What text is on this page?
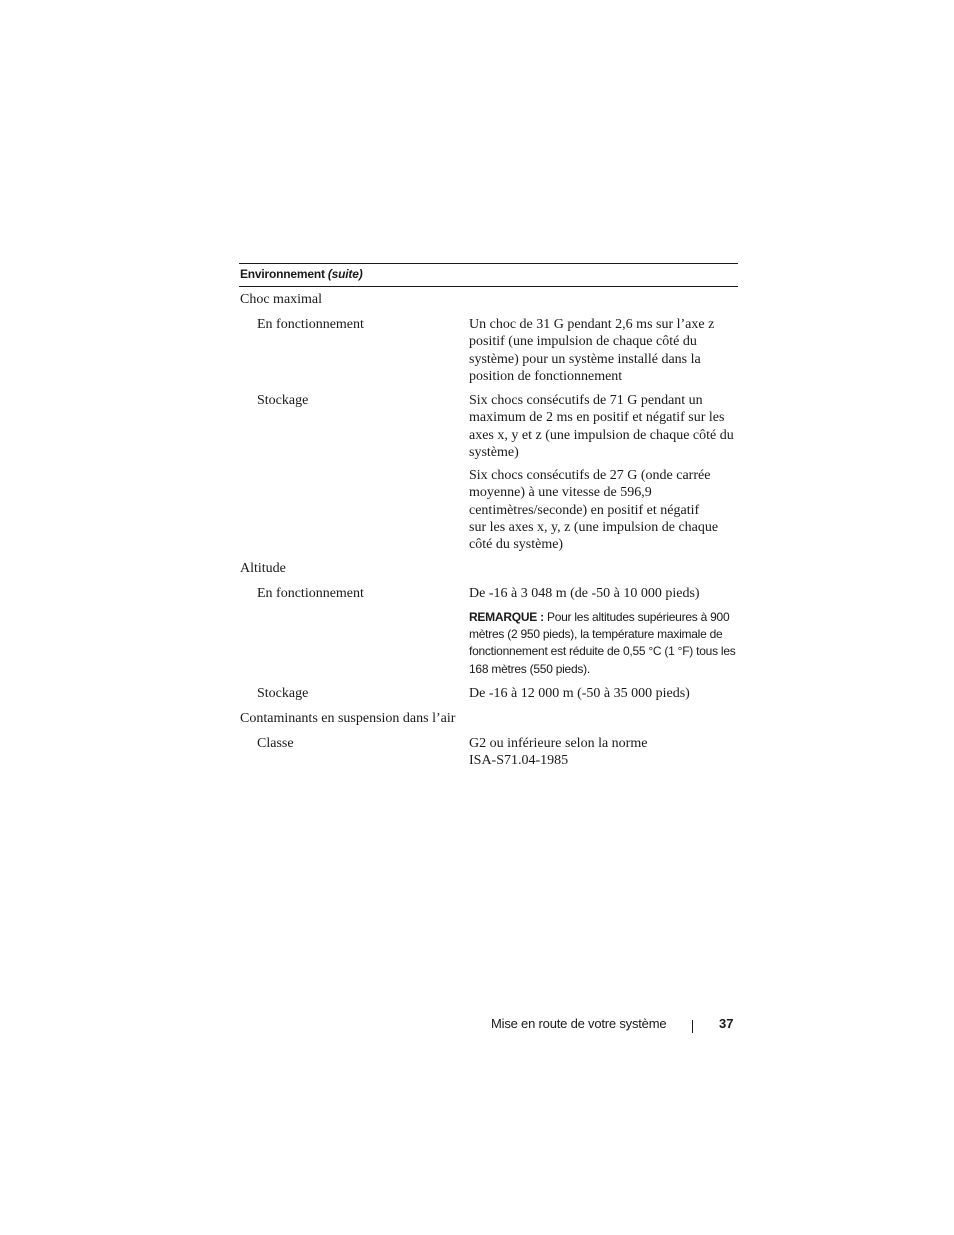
Environnement (suite)
Choc maximal
En fonctionnement	Un choc de 31 G pendant 2,6 ms sur l’axe z positif (une impulsion de chaque côté du système) pour un système installé dans la position de fonctionnement
Stockage	Six chocs consécutifs de 71 G pendant un maximum de 2 ms en positif et négatif sur les axes x, y et z (une impulsion de chaque côté du système)
Six chocs consécutifs de 27 G (onde carrée moyenne) à une vitesse de 596,9 centimètres/seconde) en positif et négatif sur les axes x, y, z (une impulsion de chaque côté du système)
Altitude
En fonctionnement	De -16 à 3 048 m (de -50 à 10 000 pieds)
REMARQUE : Pour les altitudes supérieures à 900 mètres (2 950 pieds), la température maximale de fonctionnement est réduite de 0,55 °C (1 °F) tous les 168 mètres (550 pieds).
Stockage	De -16 à 12 000 m (-50 à 35 000 pieds)
Contaminants en suspension dans l’air
Classe	G2 ou inférieure selon la norme ISA-S71.04-1985
Mise en route de votre système	37
